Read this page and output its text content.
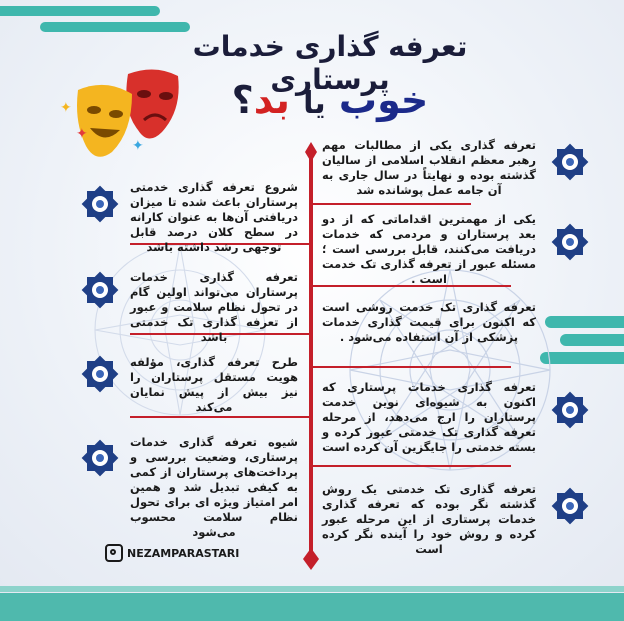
✦
✦
✦
تعرفه گذاری خدمات پرستاری
خوب یا بد؟
شروع تعرفه گذاری خدمتی پرستاران باعث شده تا میزان دریافتی آن‌ها به عنوان کارانه در سطح کلان درصد قابل توجهی رشد داشته باشد
تعرفه گذاری خدمات پرستاران می‌تواند اولین گام در تحول نظام سلامت و عبور از تعرفه گذاری تک خدمتی باشد
طرح تعرفه گذاری، مؤلفه هویت مستقل پرستاران را نیز بیش از پیش نمایان می‌کند
شیوه تعرفه گذاری خدمات پرستاری، وضعیت بررسی و پرداخت‌های پرستاران از کمی به کیفی تبدیل شد و همین امر امتیاز ویژه ای برای تحول نظام سلامت محسوب می‌شود
تعرفه گذاری یکی از مطالبات مهم رهبر معظم انقلاب اسلامی از سالیان گذشته بوده و نهایتاً در سال جاری به آن جامه عمل پوشانده شد
یکی از مهمترین اقداماتی که از دو بعد پرستاران و مردمی که خدمات دریافت می‌کنند، قابل بررسی است ؛ مسئله عبور از تعرفه گذاری تک خدمت است .
تعرفه گذاری تک خدمت روشی است که اکنون برای قیمت گذاری خدمات پزشکی از آن استفاده می‌شود .
تعرفه گذاری خدمات پرستاری که اکنون به شیوه‌ای نوین خدمت پرستاران را ارج می‌دهد، از مرحله تعرفه گذاری تک خدمتی عبور کرده و بسته خدمتی را جایگزین آن کرده است
تعرفه گذاری تک خدمتی یک روش گذشته نگر بوده که تعرفه گذاری خدمات پرستاری از این مرحله عبور کرده و روش خود را آینده نگر کرده است
NEZAMPARASTARI
